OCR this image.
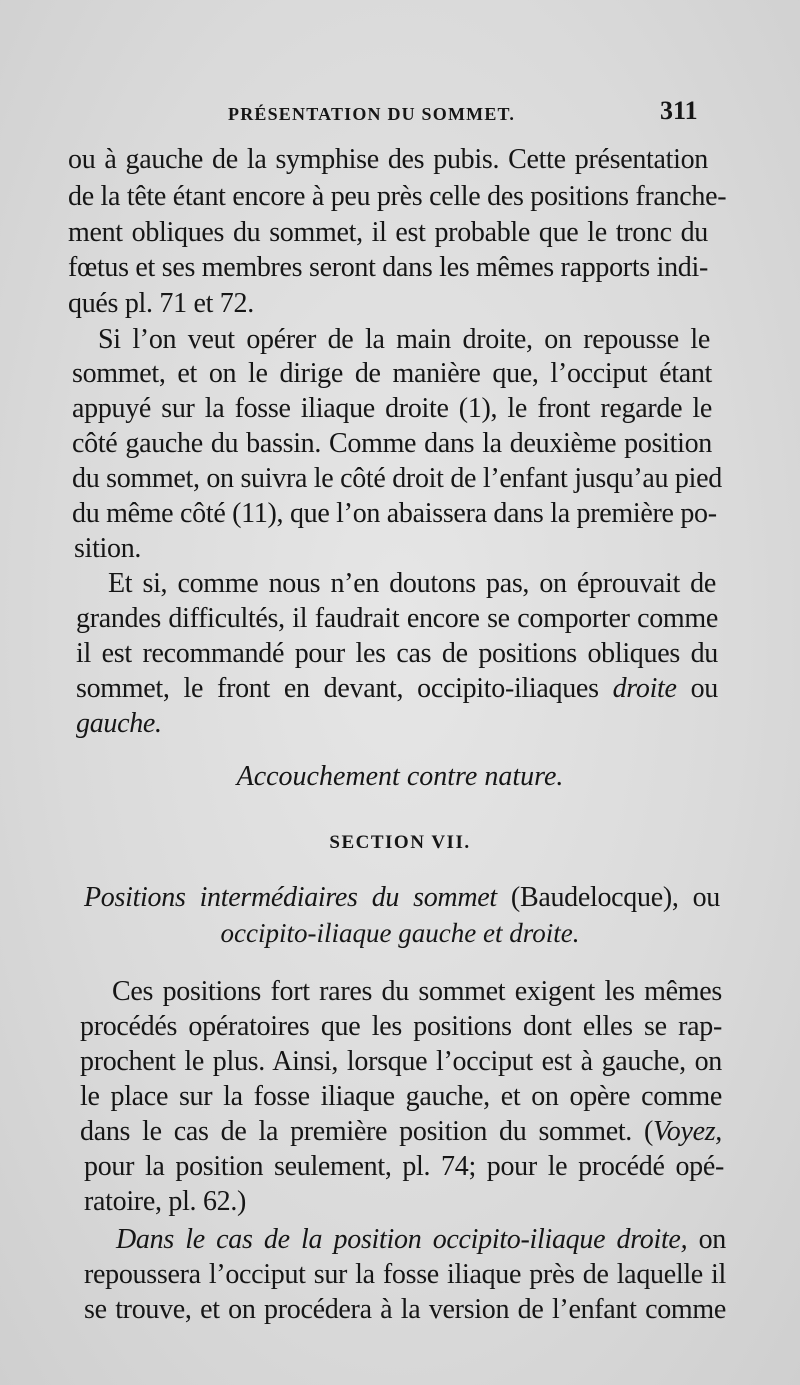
PRÉSENTATION DU SOMMET.	311
ou à gauche de la symphise des pubis. Cette présentation
de la tête étant encore à peu près celle des positions franche-
ment obliques du sommet, il est probable que le tronc du
fœtus et ses membres seront dans les mêmes rapports indi-
qués pl. 71 et 72.
Si l’on veut opérer de la main droite, on repousse le
sommet, et on le dirige de manière que, l’occiput étant
appuyé sur la fosse iliaque droite (1), le front regarde le
côté gauche du bassin. Comme dans la deuxième position
du sommet, on suivra le côté droit de l’enfant jusqu’au pied
du même côté (11), que l’on abaissera dans la première po-
sition.
Et si, comme nous n’en doutons pas, on éprouvait de
grandes difficultés, il faudrait encore se comporter comme
il est recommandé pour les cas de positions obliques du
sommet, le front en devant, occipito-iliaques droite ou
gauche.
Accouchement contre nature.
SECTION VII.
Positions intermédiaires du sommet (Baudelocque), ou
occipito-iliaque gauche et droite.
Ces positions fort rares du sommet exigent les mêmes
procédés opératoires que les positions dont elles se rap-
prochent le plus. Ainsi, lorsque l’occiput est à gauche, on
le place sur la fosse iliaque gauche, et on opère comme
dans le cas de la première position du sommet. (Voyez,
pour la position seulement, pl. 74; pour le procédé opé-
ratoire, pl. 62.)
Dans le cas de la position occipito-iliaque droite, on
repoussera l’occiput sur la fosse iliaque près de laquelle il
se trouve, et on procédera à la version de l’enfant comme
